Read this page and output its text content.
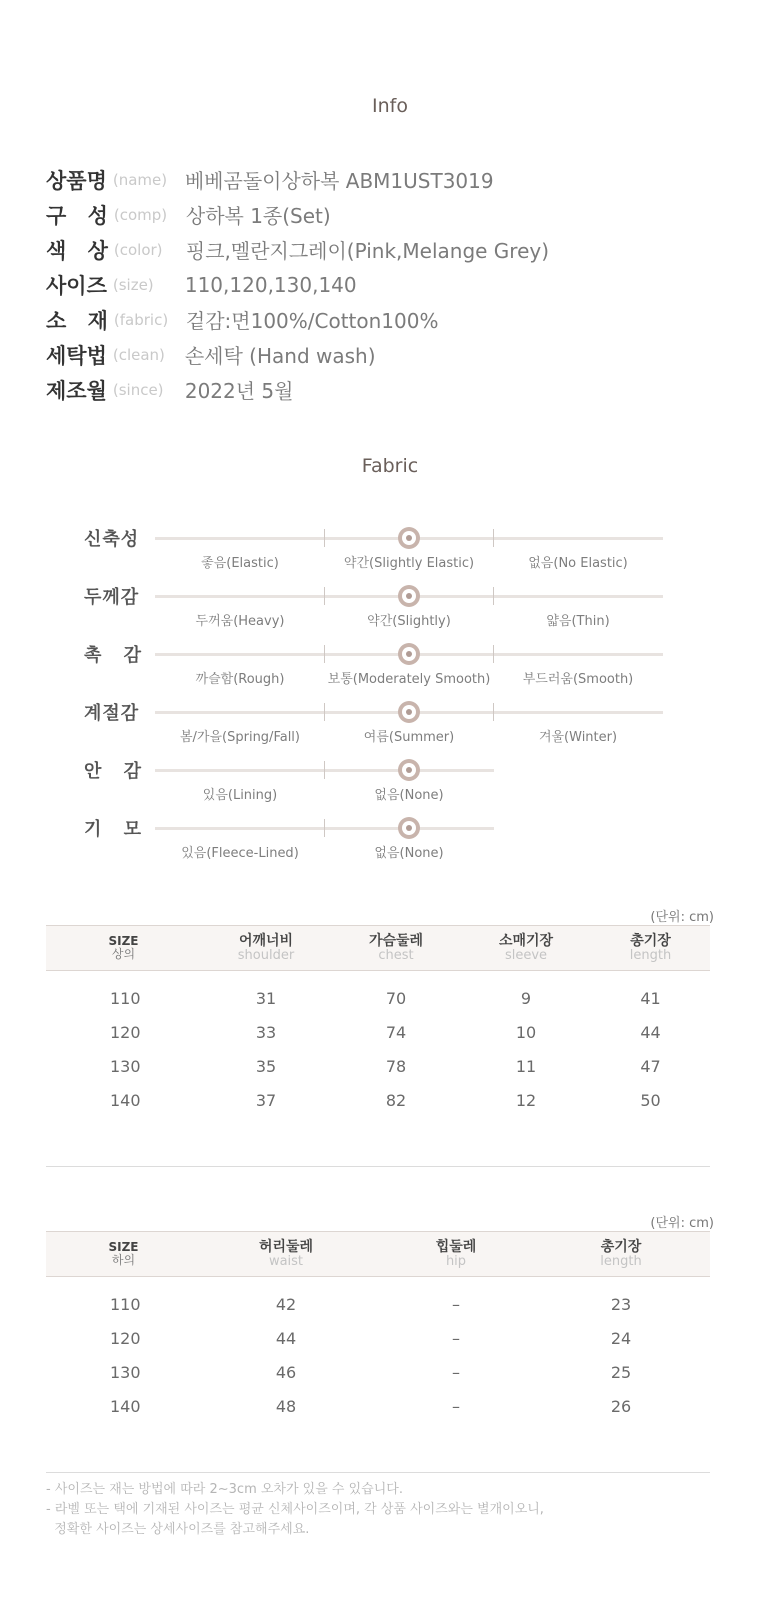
Info
상품명 (name) 베베곰돌이상하복 ABM1UST3019
구 성 (comp) 상하복 1종(Set)
색 상 (color)	핑크,멜란지그레이(Pink,Melange Grey)
사이즈 (size)	110,120,130,140
소 재 (fabric) 겉감:면100%/Cotton100%
세탁법 (clean) 손세탁 (Hand wash)
제조월 (since)	2022년 5월
Fabric
신축성
좋음(Elastic)	약간(Slightly Elastic)	없음(No Elastic)
두께감
두꺼움(Heavy)	약간(Slightly)	얇음(Thin)
촉 감
까슬함(Rough)	보통(Moderately Smooth)	부드러움(Smooth)
계절감
봄/가을(Spring/Fall)	여름(Summer)	겨울(Winter)
안 감
있음(Lining)	없음(None)
기 모
있음(Fleece-Lined)	없음(None)
(단위: cm)
SIZE
상의
어깨너비
shoulder
가슴둘레
chest
소매기장
sleeve
총기장
length
110	31	70	9	41
120	33	74	10	44
130	35	78	11	47
140	37	82	12	50
(단위: cm)
SIZE
하의
허리둘레
waist
힙둘레
hip
총기장
length
110	42	–	23
120	44	–	24
130	46	–	25
140	48	–	26
- 사이즈는 재는 방법에 따라 2~3cm 오차가 있을 수 있습니다.
- 라벨 또는 택에 기재된 사이즈는 평균 신체사이즈이며, 각 상품 사이즈와는 별개이오니,
정확한 사이즈는 상세사이즈를 참고해주세요.
